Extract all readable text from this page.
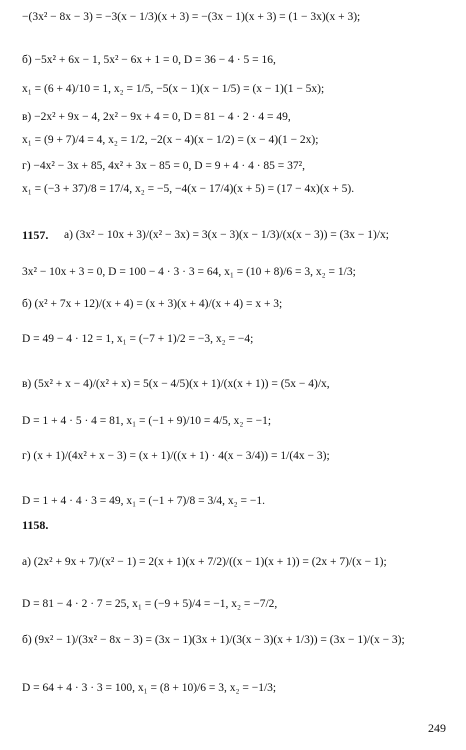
−(3x² − 8x − 3) = −3(x − 1/3)(x + 3) = −(3x − 1)(x + 3) = (1 − 3x)(x + 3);
б) −5x² + 6x − 1, 5x² − 6x + 1 = 0, D = 36 − 4 · 5 = 16,
x₁ = (6 + 4)/10 = 1, x₂ = 1/5, −5(x − 1)(x − 1/5) = (x − 1)(1 − 5x);
в) −2x² + 9x − 4, 2x² − 9x + 4 = 0, D = 81 − 4 · 2 · 4 = 49,
x₁ = (9 + 7)/4 = 4, x₂ = 1/2, −2(x − 4)(x − 1/2) = (x − 4)(1 − 2x);
г) −4x² − 3x + 85, 4x² + 3x − 85 = 0, D = 9 + 4 · 4 · 85 = 37²,
x₁ = (−3 + 37)/8 = 17/4, x₂ = −5, −4(x − 17/4)(x + 5) = (17 − 4x)(x + 5).
1157. а) (3x² − 10x + 3)/(x² − 3x) = 3(x − 3)(x − 1/3)/(x(x − 3)) = (3x − 1)/x;
3x² − 10x + 3 = 0, D = 100 − 4 · 3 · 3 = 64, x₁ = (10 + 8)/6 = 3, x₂ = 1/3;
б) (x² + 7x + 12)/(x + 4) = (x + 3)(x + 4)/(x + 4) = x + 3;
D = 49 − 4 · 12 = 1, x₁ = (−7 + 1)/2 = −3, x₂ = −4;
в) (5x² + x − 4)/(x² + x) = 5(x − 4/5)(x + 1)/(x(x + 1)) = (5x − 4)/x,
D = 1 + 4 · 5 · 4 = 81, x₁ = (−1 + 9)/10 = 4/5, x₂ = −1;
г) (x + 1)/(4x² + x − 3) = (x + 1)/((x + 1) · 4(x − 3/4)) = 1/(4x − 3);
D = 1 + 4 · 4 · 3 = 49, x₁ = (−1 + 7)/8 = 3/4, x₂ = −1.
1158.
а) (2x² + 9x + 7)/(x² − 1) = 2(x + 1)(x + 7/2)/((x − 1)(x + 1)) = (2x + 7)/(x − 1);
D = 81 − 4 · 2 · 7 = 25, x₁ = (−9 + 5)/4 = −1, x₂ = −7/2,
б) (9x² − 1)/(3x² − 8x − 3) = (3x − 1)(3x + 1)/(3(x − 3)(x + 1/3)) = (3x − 1)/(x − 3);
D = 64 + 4 · 3 · 3 = 100, x₁ = (8 + 10)/6 = 3, x₂ = −1/3;
249
